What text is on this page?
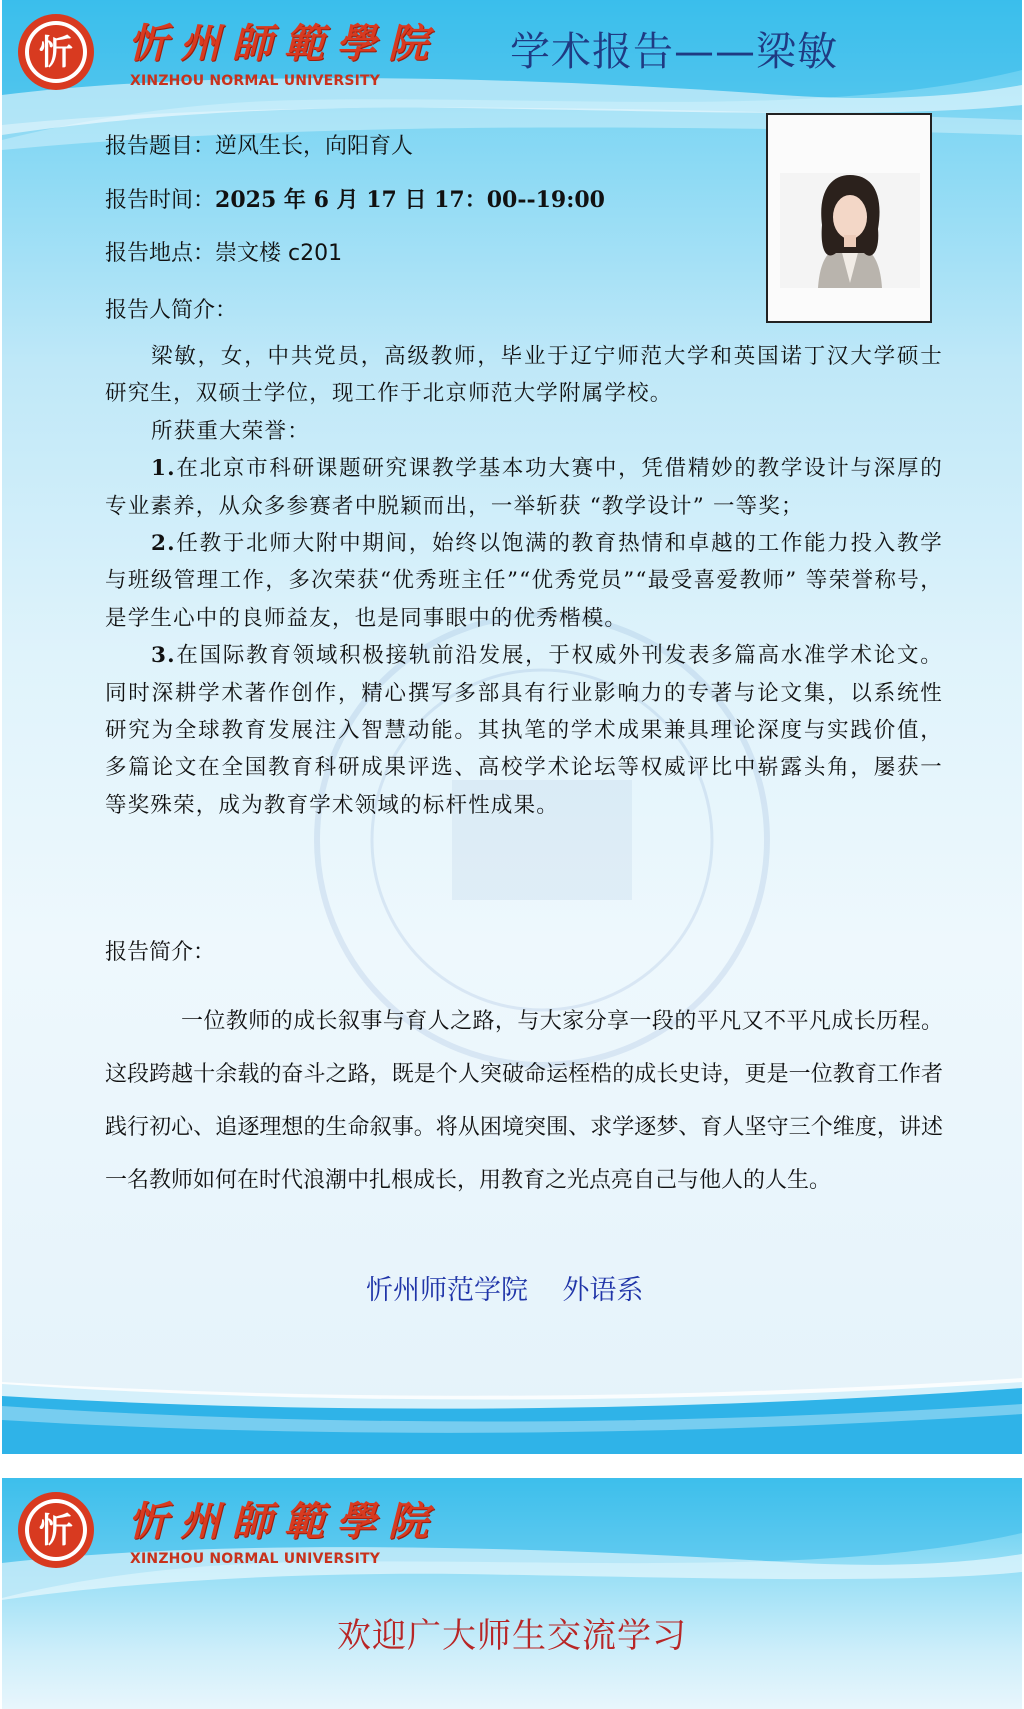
忻 忻州師範學院
XINZHOU NORMAL UNIVERSITY
学术报告——梁敏
报告题目：逆风生长，向阳育人
报告时间：2025 年 6 月 17 日 17：00--19:00
报告地点：崇文楼 c201
报告人简介：

梁敏，女，中共党员，高级教师，毕业于辽宁师范大学和英国诺丁汉大学硕士研究生，双硕士学位，现工作于北京师范大学附属学校。

所获重大荣誉：

1.在北京市科研课题研究课教学基本功大赛中，凭借精妙的教学设计与深厚的专业素养，从众多参赛者中脱颖而出，一举斩获 “教学设计” 一等奖；

2.任教于北师大附中期间，始终以饱满的教育热情和卓越的工作能力投入教学与班级管理工作，多次荣获“优秀班主任”“优秀党员”“最受喜爱教师” 等荣誉称号，是学生心中的良师益友，也是同事眼中的优秀楷模。

3.在国际教育领域积极接轨前沿发展，于权威外刊发表多篇高水准学术论文。同时深耕学术著作创作，精心撰写多部具有行业影响力的专著与论文集，以系统性研究为全球教育发展注入智慧动能。其执笔的学术成果兼具理论深度与实践价值，多篇论文在全国教育科研成果评选、高校学术论坛等权威评比中崭露头角，屡获一等奖殊荣，成为教育学术领域的标杆性成果。

报告简介：

一位教师的成长叙事与育人之路，与大家分享一段的平凡又不平凡成长历程。这段跨越十余载的奋斗之路，既是个人突破命运桎梏的成长史诗，更是一位教育工作者践行初心、追逐理想的生命叙事。将从困境突围、求学逐梦、育人坚守三个维度，讲述一名教师如何在时代浪潮中扎根成长，用教育之光点亮自己与他人的人生。

忻州师范学院    外语系
忻 忻州師範學院
XINZHOU NORMAL UNIVERSITY
欢迎广大师生交流学习
